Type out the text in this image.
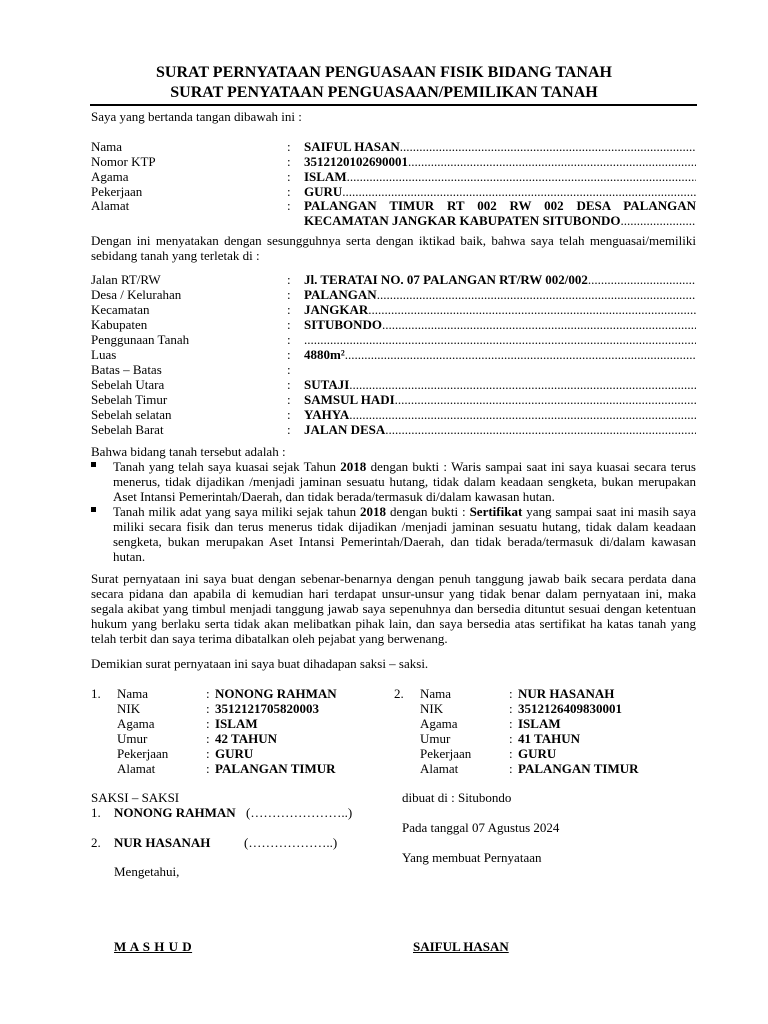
SURAT PERNYATAAN PENGUASAAN FISIK BIDANG TANAH
SURAT PENYATAAN PENGUASAAN/PEMILIKAN TANAH
Saya yang bertanda tangan dibawah ini :
Nama	: SAIFUL HASAN .....
Nomor KTP	: 3512120102690001 .....
Agama	: ISLAM .....
Pekerjaan	: GURU .....
Alamat	: PALANGAN TIMUR RT 002 RW 002 DESA PALANGAN
KECAMATAN JANGKAR KABUPATEN SITUBONDO .....
Dengan ini menyatakan dengan sesungguhnya serta dengan iktikad baik, bahwa saya telah menguasai/memiliki sebidang tanah yang terletak di :
Jalan RT/RW	: Jl. TERATAI NO. 07 PALANGAN RT/RW 002/002 .....
Desa / Kelurahan	: PALANGAN .....
Kecamatan	: JANGKAR .....
Kabupaten	: SITUBONDO .....
Penggunaan Tanah	:
.....
Luas	: 4880m² .....
Batas – Batas	:
Sebelah Utara	: SUTAJI .....
Sebelah Timur	: SAMSUL HADI .....
Sebelah selatan	: YAHYA .....
Sebelah Barat	: JALAN DESA .....
Bahwa bidang tanah tersebut adalah :
Tanah yang telah saya kuasai sejak Tahun 2018 dengan bukti : Waris sampai saat ini saya kuasai secara terus menerus, tidak dijadikan /menjadi jaminan sesuatu hutang, tidak dalam keadaan sengketa, bukan merupakan Aset Intansi Pemerintah/Daerah, dan tidak berada/termasuk di/dalam kawasan hutan.
Tanah milik adat yang saya miliki sejak tahun 2018 dengan bukti : Sertifikat yang sampai saat ini masih saya miliki secara fisik dan terus menerus tidak dijadikan /menjadi jaminan sesuatu hutang, tidak dalam keadaan sengketa, bukan merupakan Aset Intansi Pemerintah/Daerah, dan tidak berada/termasuk di/dalam kawasan hutan.
Surat pernyataan ini saya buat dengan sebenar-benarnya dengan penuh tanggung jawab baik secara perdata dana secara pidana dan apabila di kemudian hari terdapat unsur-unsur yang tidak benar dalam pernyataan ini, maka segala akibat yang timbul menjadi tanggung jawab saya sepenuhnya dan bersedia dituntut sesuai dengan ketentuan hukum yang berlaku serta tidak akan melibatkan pihak lain, dan saya bersedia atas sertifikat ha katas tanah yang telah terbit dan saya terima dibatalkan oleh pejabat yang berwenang.
Demikian surat pernyataan ini saya buat dihadapan saksi – saksi.
1. Nama	: NONONG RAHMAN
NIK	: 3512121705820003
Agama	: ISLAM
Umur	: 42 TAHUN
Pekerjaan	: GURU
Alamat	: PALANGAN TIMUR
2. Nama	: NUR HASANAH
NIK	: 3512126409830001
Agama	: ISLAM
Umur	: 41 TAHUN
Pekerjaan	: GURU
Alamat	: PALANGAN TIMUR
SAKSI – SAKSI
1. NONONG RAHMAN (…………………..)
2. NUR HASANAH	(………………..)
Mengetahui,
dibuat di : Situbondo
Pada tanggal 07 Agustus 2024
Yang membuat Pernyataan
M A S H U D	SAIFUL HASAN
